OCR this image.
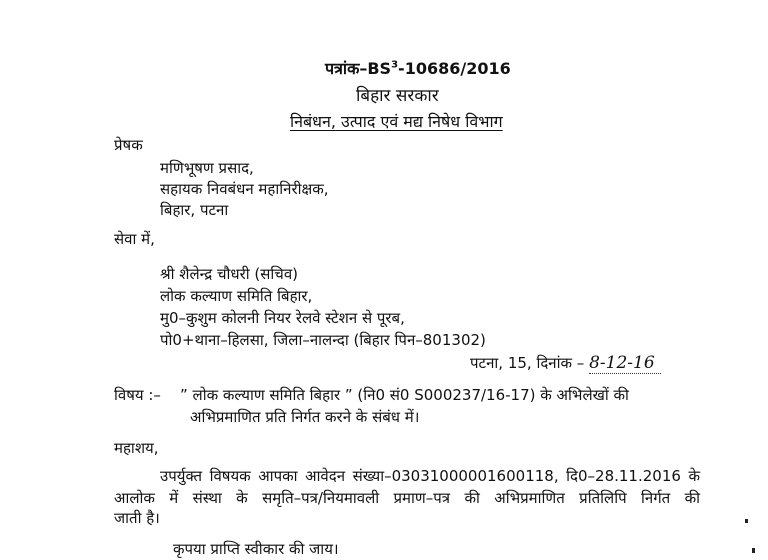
$पत्रांक-BS^3-10686/2016$
बिहार सरकार
निबंधन, उत्पाद एवं मद्य निषेध विभाग
प्रेषक
मणिभूषण प्रसाद,
सहायक निवबंधन महानिरीक्षक,
बिहार, पटना
सेवा में,
श्री शैलेन्द्र चौधरी (सचिव)
लोक कल्याण समिति बिहार,
मु0–कुशुम कोलनी नियर रेलवे स्टेशन से पूरब,
पो0+थाना–हिलसा, जिला–नालन्दा (बिहार पिन–801302)
पटना, 15, दिनांक – 8-12-16
विषय :– ” लोक कल्याण समिति बिहार ” (नि0 सं0 S000237/16-17) के अभिलेखों की
अभिप्रमाणित प्रति निर्गत करने के संबंध में।
महाशय,
उपर्युक्त विषयक आपका आवेदन संख्या–03031000001600118, दि0–28.11.2016 के
आलोक में संस्था के समृति–पत्र/नियमावली प्रमाण–पत्र की अभिप्रमाणित प्रतिलिपि निर्गत की
जाती है।
कृपया प्राप्ति स्वीकार की जाय।
